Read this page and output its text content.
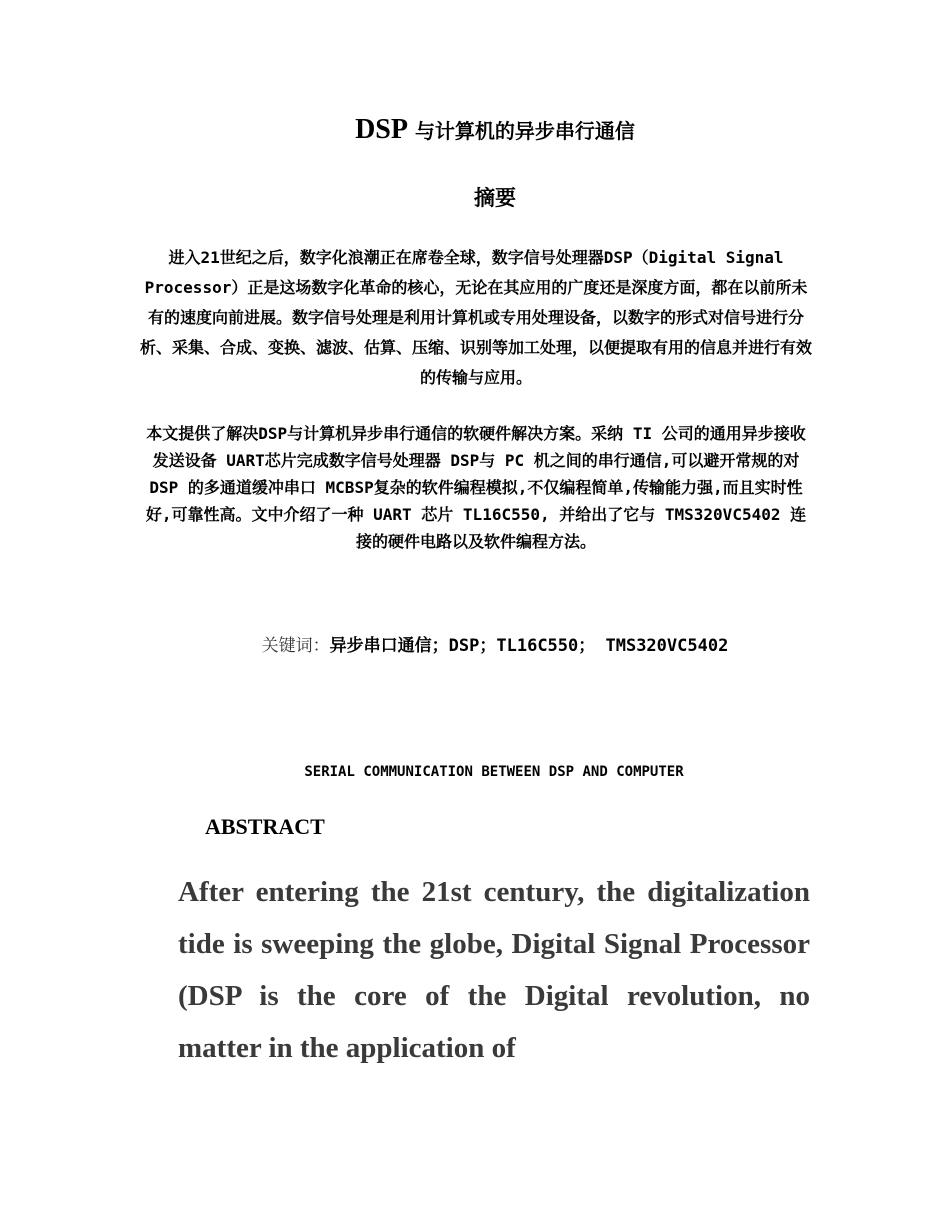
DSP 与计算机的异步串行通信
摘要

进入21世纪之后，数字化浪潮正在席卷全球，数字信号处理器DSP（Digital Signal Processor）正是这场数字化革命的核心，无论在其应用的广度还是深度方面，都在以前所未有的速度向前进展。数字信号处理是利用计算机或专用处理设备，以数字的形式对信号进行分析、采集、合成、变换、滤波、估算、压缩、识别等加工处理，以便提取有用的信息并进行有效的传输与应用。

本文提供了解决DSP与计算机异步串行通信的软硬件解决方案。采纳 TI 公司的通用异步接收发送设备 UART芯片完成数字信号处理器 DSP与 PC 机之间的串行通信,可以避开常规的对DSP 的多通道缓冲串口 MCBSP复杂的软件编程模拟,不仅编程简单,传输能力强,而且实时性好,可靠性高。文中介绍了一种 UART 芯片 TL16C550, 并给出了它与 TMS320VC5402 连接的硬件电路以及软件编程方法。

关键词：异步串口通信；DSP；TL16C550； TMS320VC5402
SERIAL COMMUNICATION BETWEEN DSP AND COMPUTER
ABSTRACT

After entering the 21st century, the digitalization tide is sweeping the globe, Digital Signal Processor (DSP is the core of the Digital revolution, no matter in the application of
